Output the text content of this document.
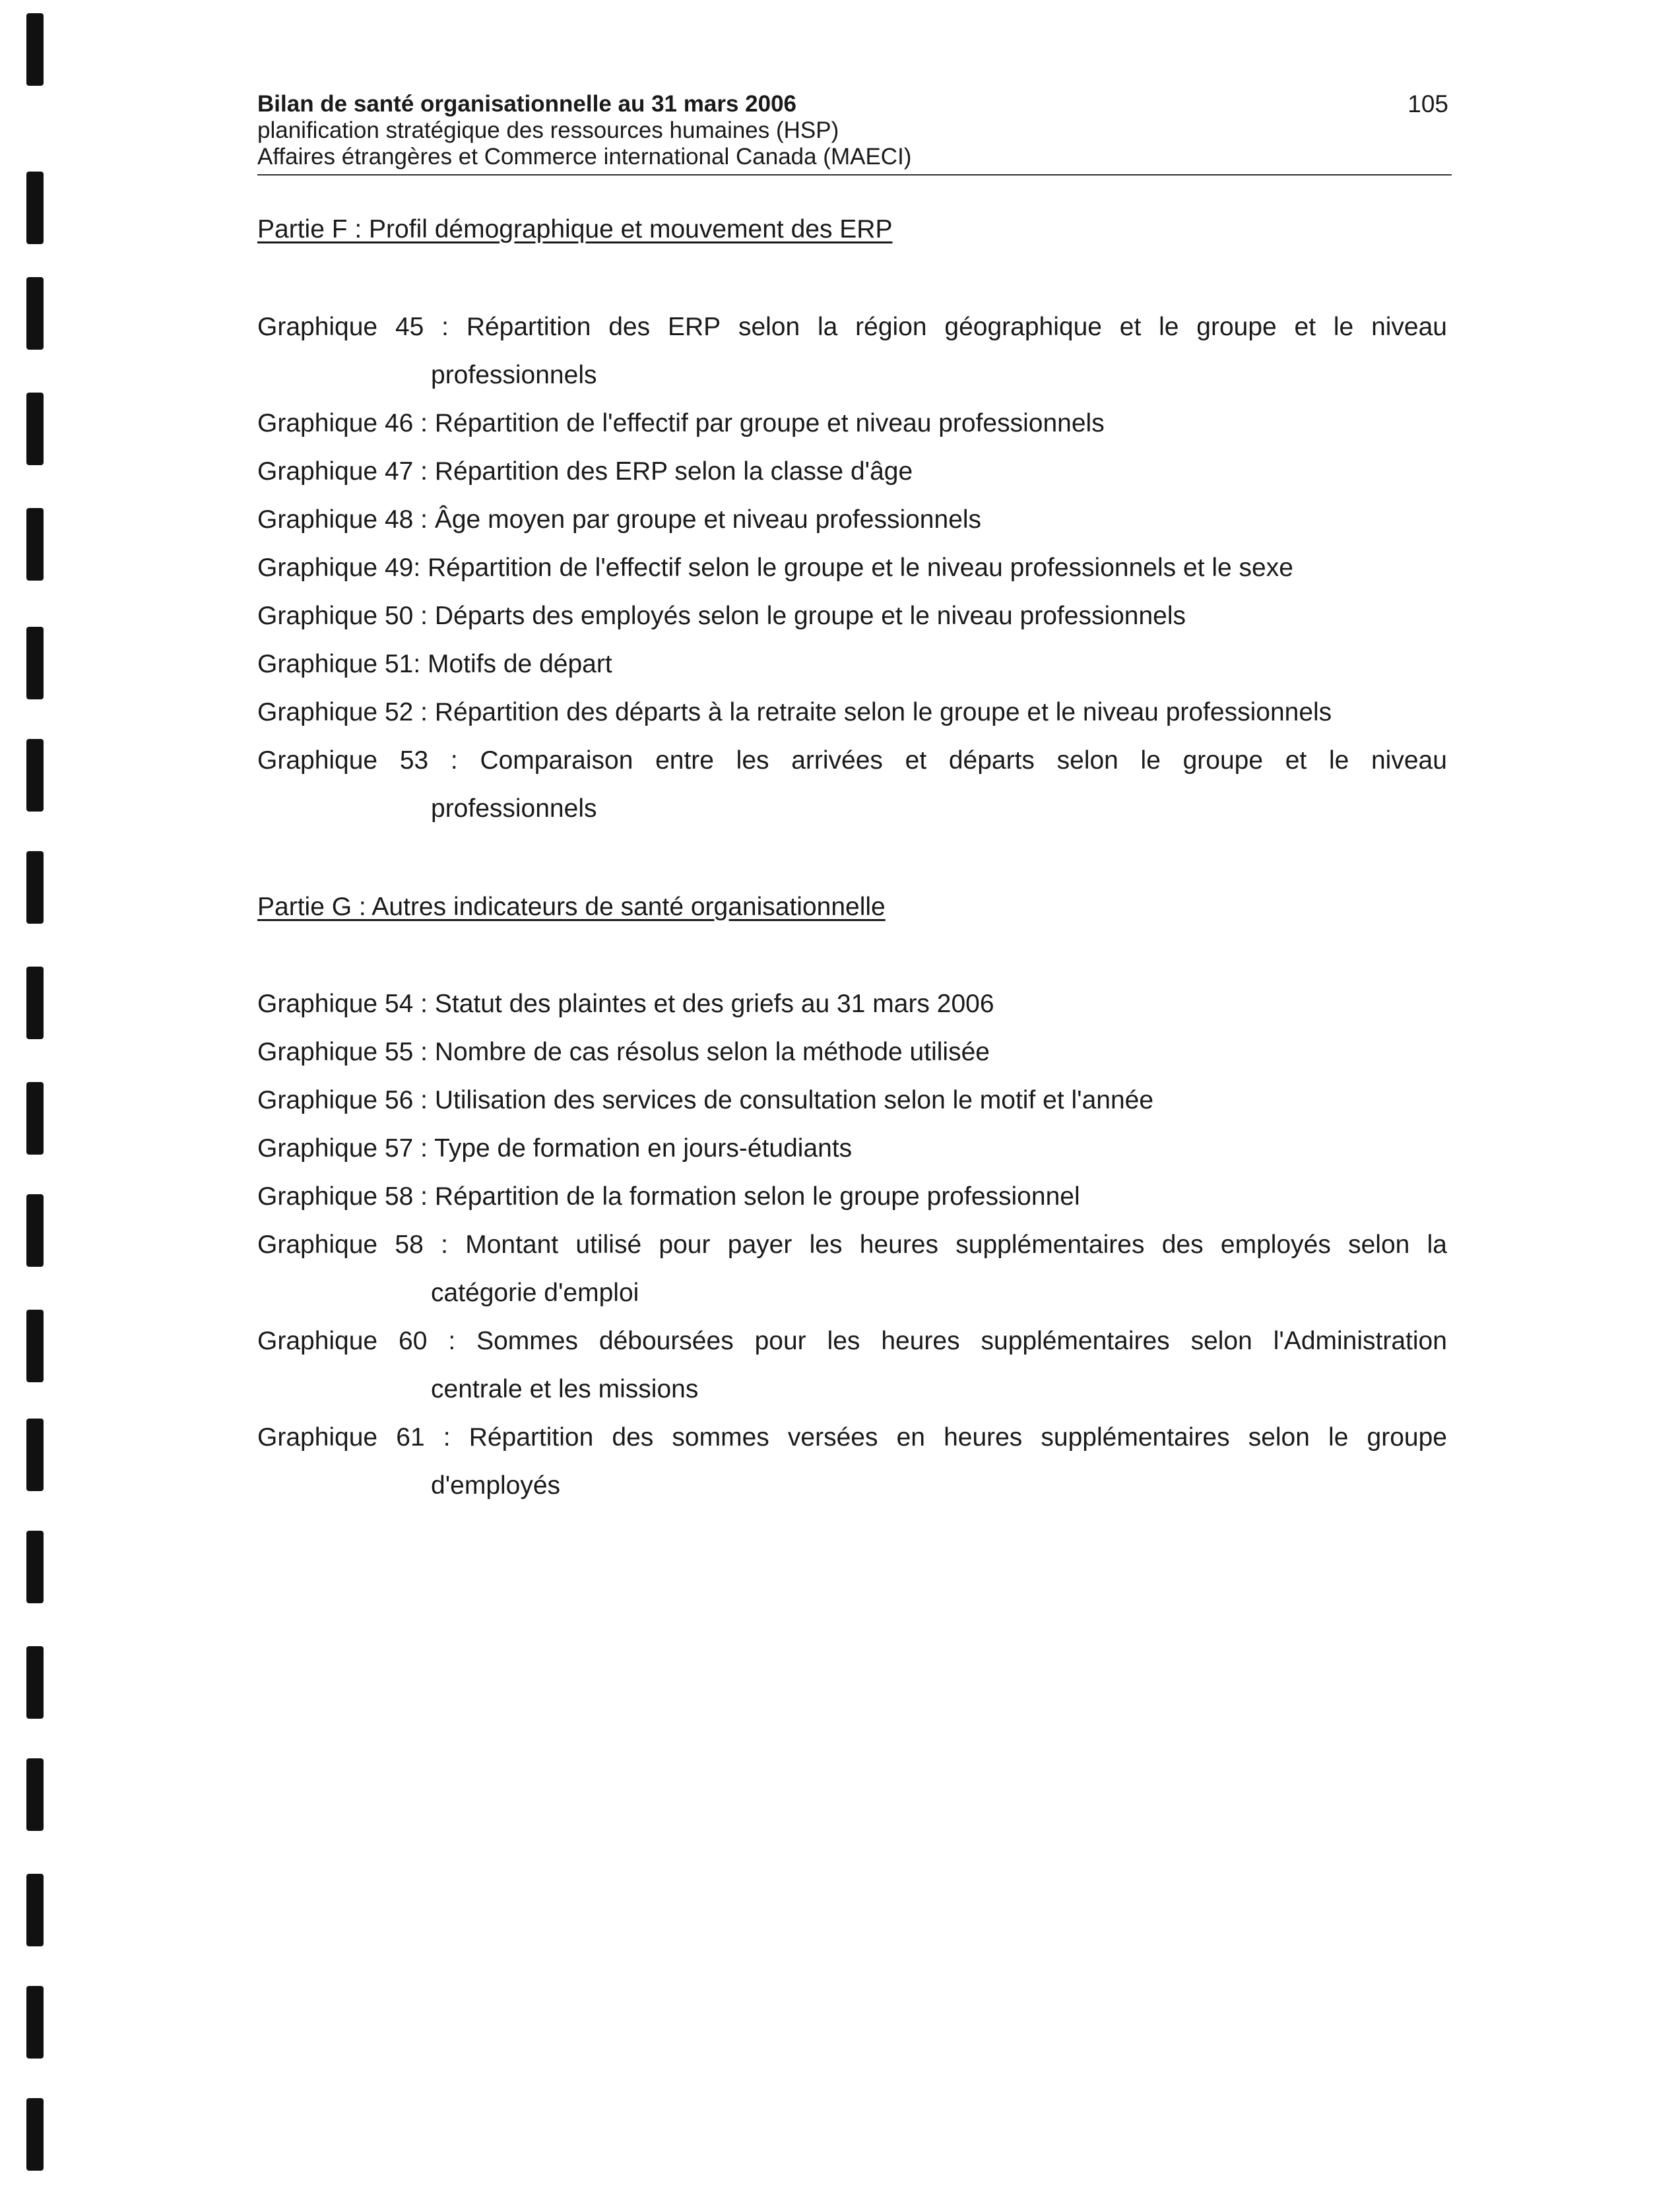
Bilan de santé organisationnelle au 31 mars 2006
planification stratégique des ressources humaines (HSP)
Affaires étrangères et Commerce international Canada (MAECI)
105
Partie F : Profil démographique et mouvement des ERP
Graphique 45 : Répartition des ERP selon la région géographique et le groupe et le niveau
professionnels
Graphique 46 : Répartition de l'effectif par groupe et niveau professionnels
Graphique 47 : Répartition des ERP selon la classe d'âge
Graphique 48 : Âge moyen par groupe et niveau professionnels
Graphique 49: Répartition de l'effectif selon le groupe et le niveau professionnels et le sexe
Graphique 50 : Départs des employés selon le groupe et le niveau professionnels
Graphique 51: Motifs de départ
Graphique 52 : Répartition des départs à la retraite selon le groupe et le niveau professionnels
Graphique 53 : Comparaison entre les arrivées et départs selon le groupe et le niveau
professionnels
Partie G : Autres indicateurs de santé organisationnelle
Graphique 54 : Statut des plaintes et des griefs au 31 mars 2006
Graphique 55 : Nombre de cas résolus selon la méthode utilisée
Graphique 56 : Utilisation des services de consultation selon le motif et l'année
Graphique 57 : Type de formation en jours-étudiants
Graphique 58 : Répartition de la formation selon le groupe professionnel
Graphique 58 : Montant utilisé pour payer les heures supplémentaires des employés selon la
catégorie d'emploi
Graphique 60 : Sommes déboursées pour les heures supplémentaires selon l'Administration
centrale et les missions
Graphique 61 : Répartition des sommes versées en heures supplémentaires selon le groupe
d'employés
